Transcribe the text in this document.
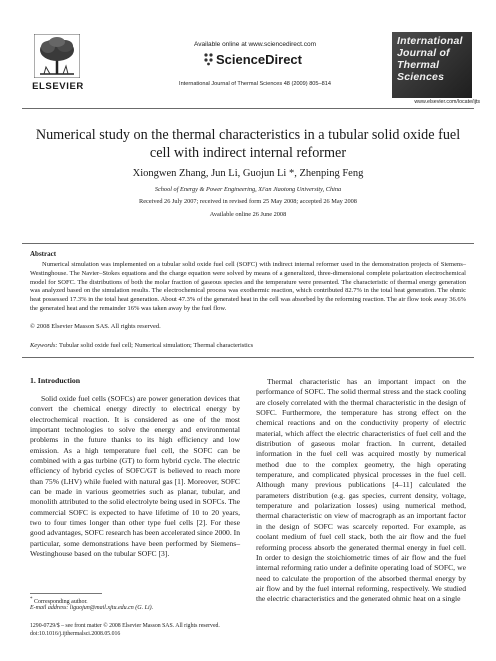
ELSEVIER
Available online at www.sciencedirect.com
ScienceDirect
International Journal of Thermal Sciences 48 (2009) 805–814
International
Journal of
Thermal
Sciences
www.elsevier.com/locate/ijts
Numerical study on the thermal characteristics in a tubular solid oxide fuel cell with indirect internal reformer
Xiongwen Zhang, Jun Li, Guojun Li *, Zhenping Feng
School of Energy & Power Engineering, Xi'an Jiaotong University, China
Received 26 July 2007; received in revised form 25 May 2008; accepted 26 May 2008
Available online 26 June 2008
Abstract
Numerical simulation was implemented on a tubular solid oxide fuel cell (SOFC) with indirect internal reformer used in the demonstration projects of Siemens–Westinghouse. The Navier–Stokes equations and the charge equation were solved by means of a generalized, three-dimensional complete polarization electrochemical model for SOFC. The distributions of both the molar fraction of gaseous species and the temperature were presented. The characteristic of thermal energy generation was analyzed based on the simulation results. The electrochemical process was exothermic reaction, which contributed 82.7% in the total heat generation. The ohmic heat possessed 17.3% in the total heat generation. About 47.3% of the generated heat in the cell was absorbed by the reforming reaction. The air flow took away 36.6% the generated heat and the remainder 16% was taken away by the fuel flow.
© 2008 Elsevier Masson SAS. All rights reserved.
Keywords: Tubular solid oxide fuel cell; Numerical simulation; Thermal characteristics
1. Introduction
Solid oxide fuel cells (SOFCs) are power generation devices that convert the chemical energy directly to electrical energy by electrochemical reaction. It is considered as one of the most important technologies to solve the energy and environmental problems in the future thanks to its high efficiency and low emission. As a high temperature fuel cell, the SOFC can be combined with a gas turbine (GT) to form hybrid cycle. The electric efficiency of hybrid cycles of SOFC/GT is believed to reach more than 75% (LHV) while fueled with natural gas [1]. Moreover, SOFC can be made in various geometries such as planar, tubular, and monolith attributed to the solid electrolyte being used in SOFCs. The commercial SOFC is expected to have lifetime of 10 to 20 years, two to four times longer than other type fuel cells [2]. For these good advantages, SOFC research has been accelerated since 2000. In particular, some demonstrations have been performed by Siemens–Westinghouse based on the tubular SOFC [3].
Thermal characteristic has an important impact on the performance of SOFC. The solid thermal stress and the stack cooling are closely correlated with the thermal characteristic in the design of SOFC. Furthermore, the temperature has strong effect on the chemical reactions and on the conductivity property of electric material, which affect the electric characteristics of fuel cell and the distribution of gaseous molar fraction. In current, detailed information in the fuel cell was acquired mostly by numerical method due to the complex geometry, the high operating temperature, and complicated physical processes in the fuel cell. Although many previous publications [4–11] calculated the parameters distribution (e.g. gas species, current density, voltage, temperature and polarization losses) using numerical method, thermal characteristic on view of macrograph as an important factor in the design of SOFC was scarcely reported. For example, as coolant medium of fuel cell stack, both the air flow and the fuel reforming process absorb the generated thermal energy in fuel cell. In order to design the stoichiometric times of air flow and the fuel internal reforming ratio under a definite operating load of SOFC, we need to calculate the proportion of the absorbed thermal energy by air flow and by the fuel internal reforming, respectively. We studied the electric characteristics and the generated ohmic heat on a single
* Corresponding author.
E-mail address: liguojun@mail.xjtu.edu.cn (G. Li).
1290-0729/$ – see front matter © 2008 Elsevier Masson SAS. All rights reserved.
doi:10.1016/j.ijthermalsci.2008.05.016
